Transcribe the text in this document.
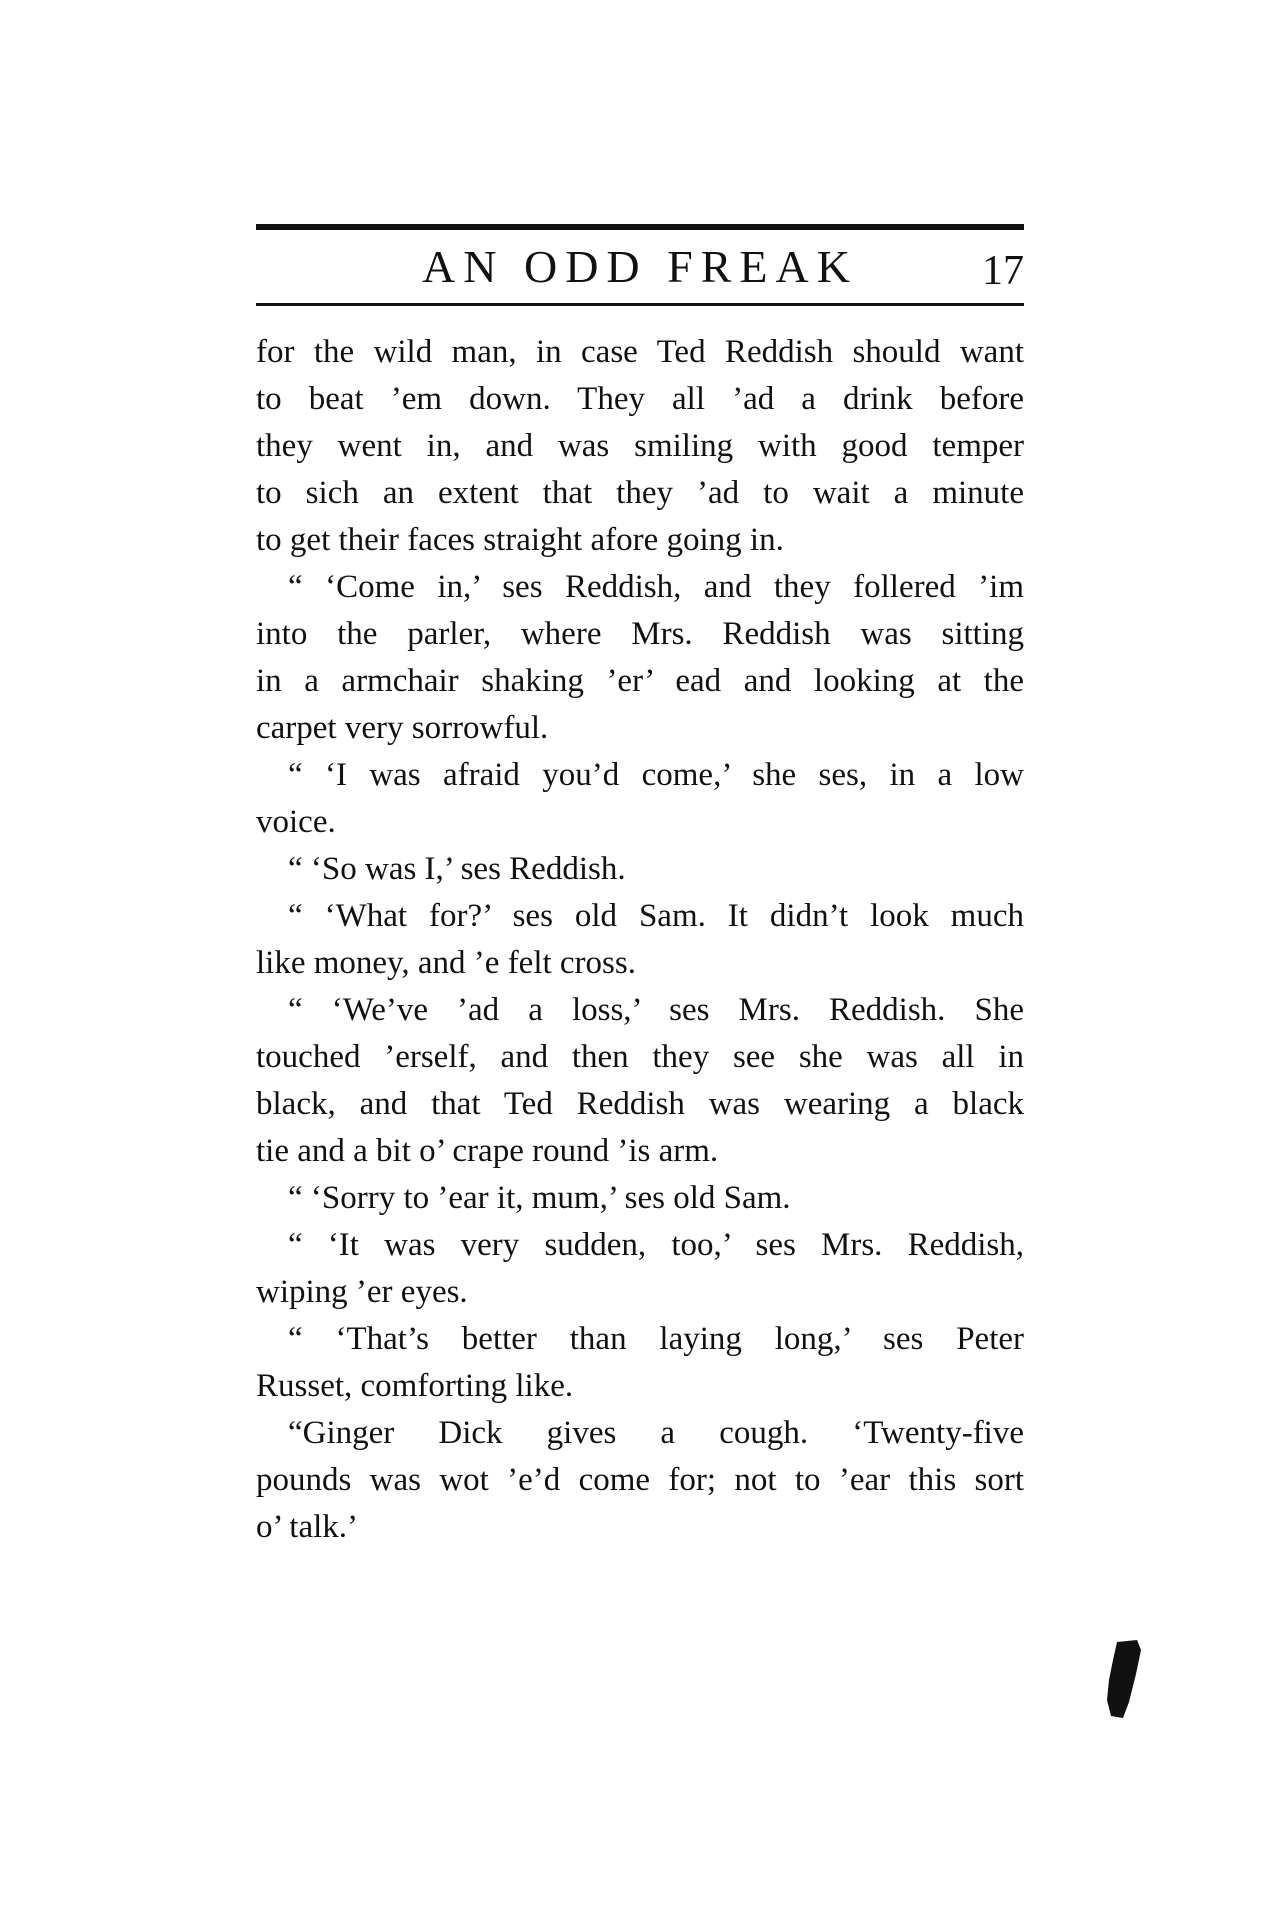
AN ODD FREAK	17
for the wild man, in case Ted Reddish should want
to beat ’em down. They all ’ad a drink before
they went in, and was smiling with good temper
to sich an extent that they ’ad to wait a minute
to get their faces straight afore going in.
“ ‘Come in,’ ses Reddish, and they follered ’im
into the parler, where Mrs. Reddish was sitting
in a armchair shaking ’er’ ead and looking at the
carpet very sorrowful.
“ ‘I was afraid you’d come,’ she ses, in a low
voice.
“ ‘So was I,’ ses Reddish.
“ ‘What for?’ ses old Sam. It didn’t look much
like money, and ’e felt cross.
“ ‘We’ve ’ad a loss,’ ses Mrs. Reddish. She
touched ’erself, and then they see she was all in
black, and that Ted Reddish was wearing a black
tie and a bit o’ crape round ’is arm.
“ ‘Sorry to ’ear it, mum,’ ses old Sam.
“ ‘It was very sudden, too,’ ses Mrs. Reddish,
wiping ’er eyes.
“ ‘That’s better than laying long,’ ses Peter
Russet, comforting like.
“Ginger Dick gives a cough. ‘Twenty-five
pounds was wot ’e’d come for; not to ’ear this sort
o’ talk.’
